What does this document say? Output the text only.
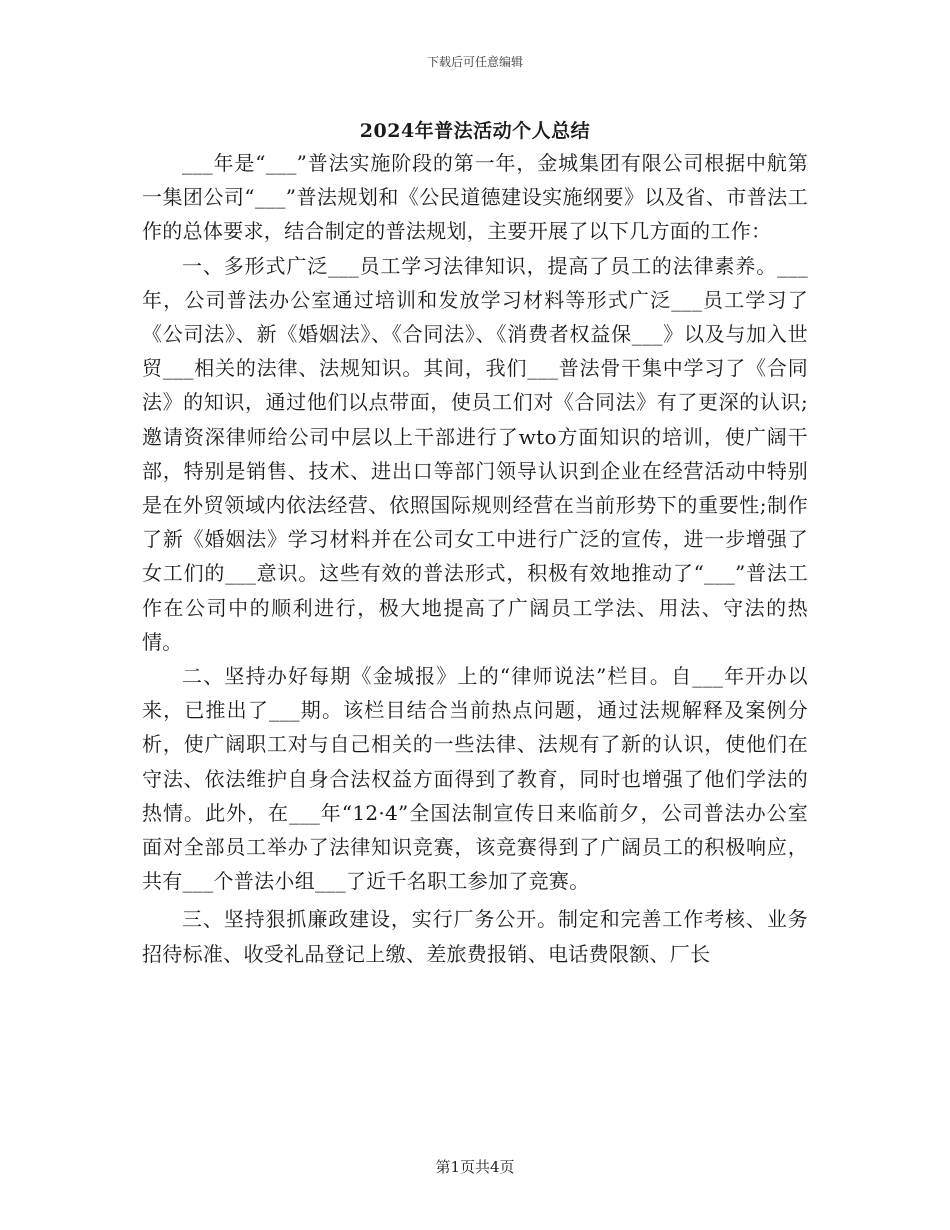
下载后可任意编辑
2024年普法活动个人总结

___年是“___”普法实施阶段的第一年，金城集团有限公司根据中航第一集团公司“___”普法规划和《公民道德建设实施纲要》以及省、市普法工作的总体要求，结合制定的普法规划，主要开展了以下几方面的工作：

一、多形式广泛___员工学习法律知识，提高了员工的法律素养。___年，公司普法办公室通过培训和发放学习材料等形式广泛___员工学习了《公司法》、新《婚姻法》、《合同法》、《消费者权益保___》以及与加入世贸___相关的法律、法规知识。其间，我们___普法骨干集中学习了《合同法》的知识，通过他们以点带面，使员工们对《合同法》有了更深的认识;邀请资深律师给公司中层以上干部进行了wto方面知识的培训，使广阔干部，特别是销售、技术、进出口等部门领导认识到企业在经营活动中特别是在外贸领域内依法经营、依照国际规则经营在当前形势下的重要性;制作了新《婚姻法》学习材料并在公司女工中进行广泛的宣传，进一步增强了女工们的___意识。这些有效的普法形式，积极有效地推动了“___”普法工作在公司中的顺利进行，极大地提高了广阔员工学法、用法、守法的热情。

二、坚持办好每期《金城报》上的“律师说法”栏目。自___年开办以来，已推出了___期。该栏目结合当前热点问题，通过法规解释及案例分析，使广阔职工对与自己相关的一些法律、法规有了新的认识，使他们在守法、依法维护自身合法权益方面得到了教育，同时也增强了他们学法的热情。此外，在___年“12·4”全国法制宣传日来临前夕，公司普法办公室面对全部员工举办了法律知识竞赛，该竞赛得到了广阔员工的积极响应，共有___个普法小组___了近千名职工参加了竞赛。

三、坚持狠抓廉政建设，实行厂务公开。制定和完善工作考核、业务招待标准、收受礼品登记上缴、差旅费报销、电话费限额、厂长

第1页共4页
